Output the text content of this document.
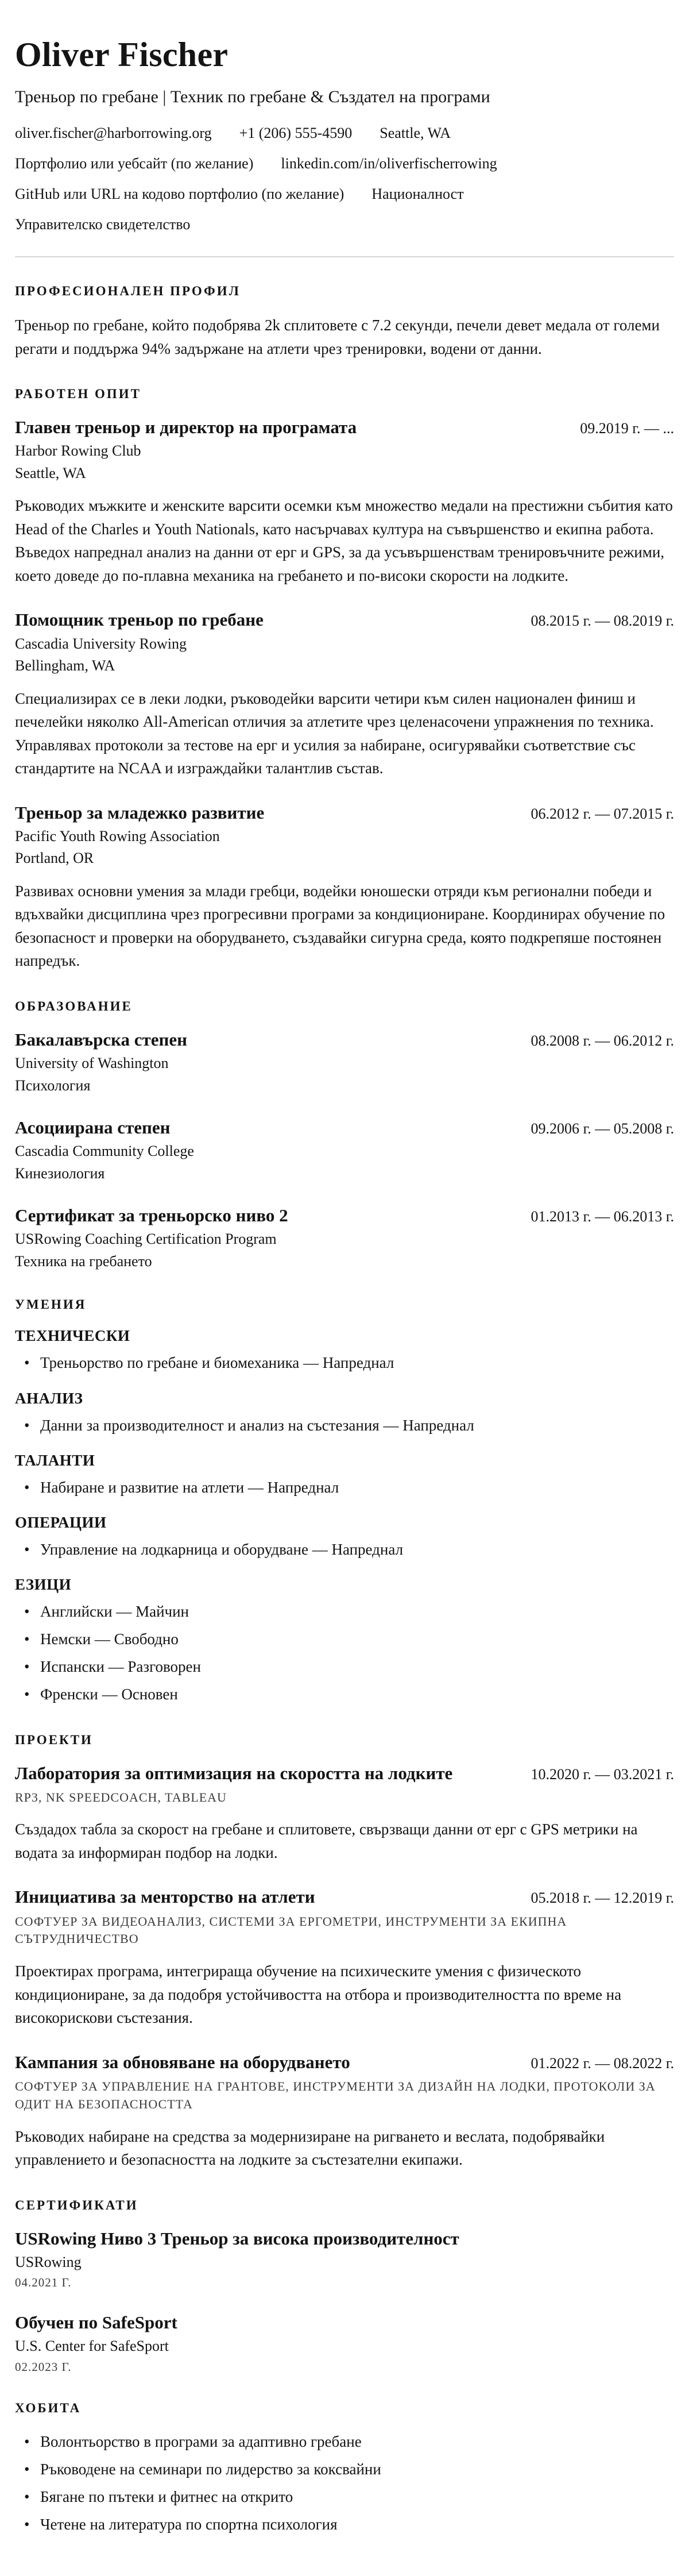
Oliver Fischer
Треньор по гребане | Техник по гребане & Създател на програми
oliver.fischer@harborrowing.org +1 (206) 555-4590 Seattle, WA
Портфолио или уебсайт (по желание) linkedin.com/in/oliverfischerrowing
GitHub или URL на кодово портфолио (по желание) Националност
Управителско свидетелство
ПРОФЕСИОНАЛЕН ПРОФИЛ

Треньор по гребане, който подобрява 2k сплитовете с 7.2 секунди, печели девет медала от големи регати и поддържа 94% задържане на атлети чрез тренировки, водени от данни.

РАБОТЕН ОПИТ
Главен треньор и директор на програмата	09.2019 г. — ...
Harbor Rowing Club
Seattle, WA

Ръководих мъжките и женските варсити осемки към множество медали на престижни събития като Head of the Charles и Youth Nationals, като насърчавах култура на съвършенство и екипна работа. Въведох напреднал анализ на данни от ерг и GPS, за да усъвършенствам тренировъчните режими, което доведе до по-плавна механика на гребането и по-високи скорости на лодките.

Помощник треньор по гребане	08.2015 г. — 08.2019 г.
Cascadia University Rowing
Bellingham, WA

Специализирах се в леки лодки, ръководейки варсити четири към силен национален финиш и печелейки няколко All-American отличия за атлетите чрез целенасочени упражнения по техника. Управлявах протоколи за тестове на ерг и усилия за набиране, осигурявайки съответствие със стандартите на NCAA и изграждайки талантлив състав.

Треньор за младежко развитие	06.2012 г. — 07.2015 г.
Pacific Youth Rowing Association
Portland, OR

Развивах основни умения за млади гребци, водейки юношески отряди към регионални победи и вдъхвайки дисциплина чрез прогресивни програми за кондициониране. Координирах обучение по безопасност и проверки на оборудването, създавайки сигурна среда, която подкрепяше постоянен напредък.

ОБРАЗОВАНИЕ
Бакалавърска степен	08.2008 г. — 06.2012 г.
University of Washington
Психология
Асоциирана степен	09.2006 г. — 05.2008 г.
Cascadia Community College
Кинезиология
Сертификат за треньорско ниво 2	01.2013 г. — 06.2013 г.
USRowing Coaching Certification Program
Техника на гребането
УМЕНИЯ
ТЕХНИЧЕСКИ
• Треньорство по гребане и биомеханика — Напреднал
АНАЛИЗ
• Данни за производителност и анализ на състезания — Напреднал
ТАЛАНТИ
• Набиране и развитие на атлети — Напреднал
ОПЕРАЦИИ
• Управление на лодкарница и оборудване — Напреднал
ЕЗИЦИ
• Английски — Майчин
• Немски — Свободно
• Испански — Разговорен
• Френски — Основен
ПРОЕКТИ
Лаборатория за оптимизация на скоростта на лодките	10.2020 г. — 03.2021 г.
RP3, NK SPEEDCOACH, TABLEAU

Създадох табла за скорост на гребане и сплитовете, свързващи данни от ерг с GPS метрики на водата за информиран подбор на лодки.

Инициатива за менторство на атлети	05.2018 г. — 12.2019 г.
СОФТУЕР ЗА ВИДЕОАНАЛИЗ, СИСТЕМИ ЗА ЕРГОМЕТРИ, ИНСТРУМЕНТИ ЗА ЕКИПНА СЪТРУДНИЧЕСТВО

Проектирах програма, интегрираща обучение на психическите умения с физическото кондициониране, за да подобря устойчивостта на отбора и производителността по време на високорискови състезания.

Кампания за обновяване на оборудването	01.2022 г. — 08.2022 г.
СОФТУЕР ЗА УПРАВЛЕНИЕ НА ГРАНТОВЕ, ИНСТРУМЕНТИ ЗА ДИЗАЙН НА ЛОДКИ, ПРОТОКОЛИ ЗА ОДИТ НА БЕЗОПАСНОСТТА

Ръководих набиране на средства за модернизиране на ригването и веслата, подобрявайки управлението и безопасността на лодките за състезателни екипажи.

СЕРТИФИКАТИ
USRowing Ниво 3 Треньор за висока производителност
USRowing
04.2021 Г.
Обучен по SafeSport
U.S. Center for SafeSport
02.2023 Г.
ХОБИТА
• Волонтьорство в програми за адаптивно гребане
• Ръководене на семинари по лидерство за коксвайни
• Бягане по пътеки и фитнес на открито
• Четене на литература по спортна психология
